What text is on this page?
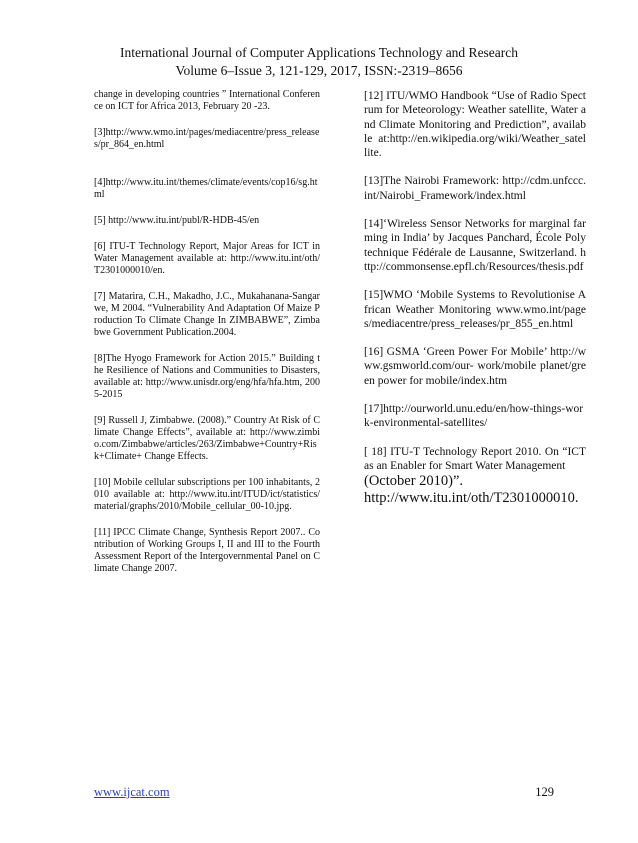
International Journal of Computer Applications Technology and Research
Volume 6–Issue 3, 121-129, 2017, ISSN:-2319–8656

change in developing countries ” International Conference on ICT for Africa 2013, February 20 -23.

[3]http://www.wmo.int/pages/mediacentre/press_releases/pr_864_en.html

[4]http://www.itu.int/themes/climate/events/cop16/sg.html

[5] http://www.itu.int/publ/R-HDB-45/en

[6] ITU-T Technology Report, Major Areas for ICT in Water Management available at: http://www.itu.int/oth/T2301000010/en.

[7] Matarira, C.H., Makadho, J.C., Mukahanana-Sangarwe, M 2004. “Vulnerability And Adaptation Of Maize Production To Climate Change In ZIMBABWE”, Zimbabwe Government Publication.2004.

[8]The Hyogo Framework for Action 2015.” Building the Resilience of Nations and Communities to Disasters, available at: http://www.unisdr.org/eng/hfa/hfa.htm, 2005-2015

[9] Russell J, Zimbabwe. (2008).” Country At Risk of Climate Change Effects”, available at: http://www.zimbio.com/Zimbabwe/articles/263/Zimbabwe+Country+Risk+Climate+ Change Effects.

[10] Mobile cellular subscriptions per 100 inhabitants, 2010 available at: http://www.itu.int/ITUD/ict/statistics/material/graphs/2010/Mobile_cellular_00-10.jpg.

[11] IPCC Climate Change, Synthesis Report 2007.. Contribution of Working Groups I, II and III to the Fourth Assessment Report of the Intergovernmental Panel on Climate Change 2007.

[12] ITU/WMO Handbook “Use of Radio Spectrum for Meteorology: Weather satellite, Water and Climate Monitoring and Prediction”, available at:http://en.wikipedia.org/wiki/Weather_satellite.

[13]The Nairobi Framework: http://cdm.unfccc.int/Nairobi_Framework/index.html

[14]‘Wireless Sensor Networks for marginal farming in India’ by Jacques Panchard, École Polytechnique Fédérale de Lausanne, Switzerland. http://commonsense.epfl.ch/Resources/thesis.pdf

[15]WMO ‘Mobile Systems to Revolutionise African Weather Monitoring www.wmo.int/pages/mediacentre/press_releases/pr_855_en.html

[16] GSMA ‘Green Power For Mobile’ http://www.gsmworld.com/our- work/mobile planet/green power for mobile/index.htm

[17]http://ourworld.unu.edu/en/how-things-work-environmental-satellites/

[ 18] ITU-T Technology Report 2010. On “ICT as an Enabler for Smart Water Management

(October 2010)”. http://www.itu.int/oth/T2301000010.

www.ijcat.com	129
